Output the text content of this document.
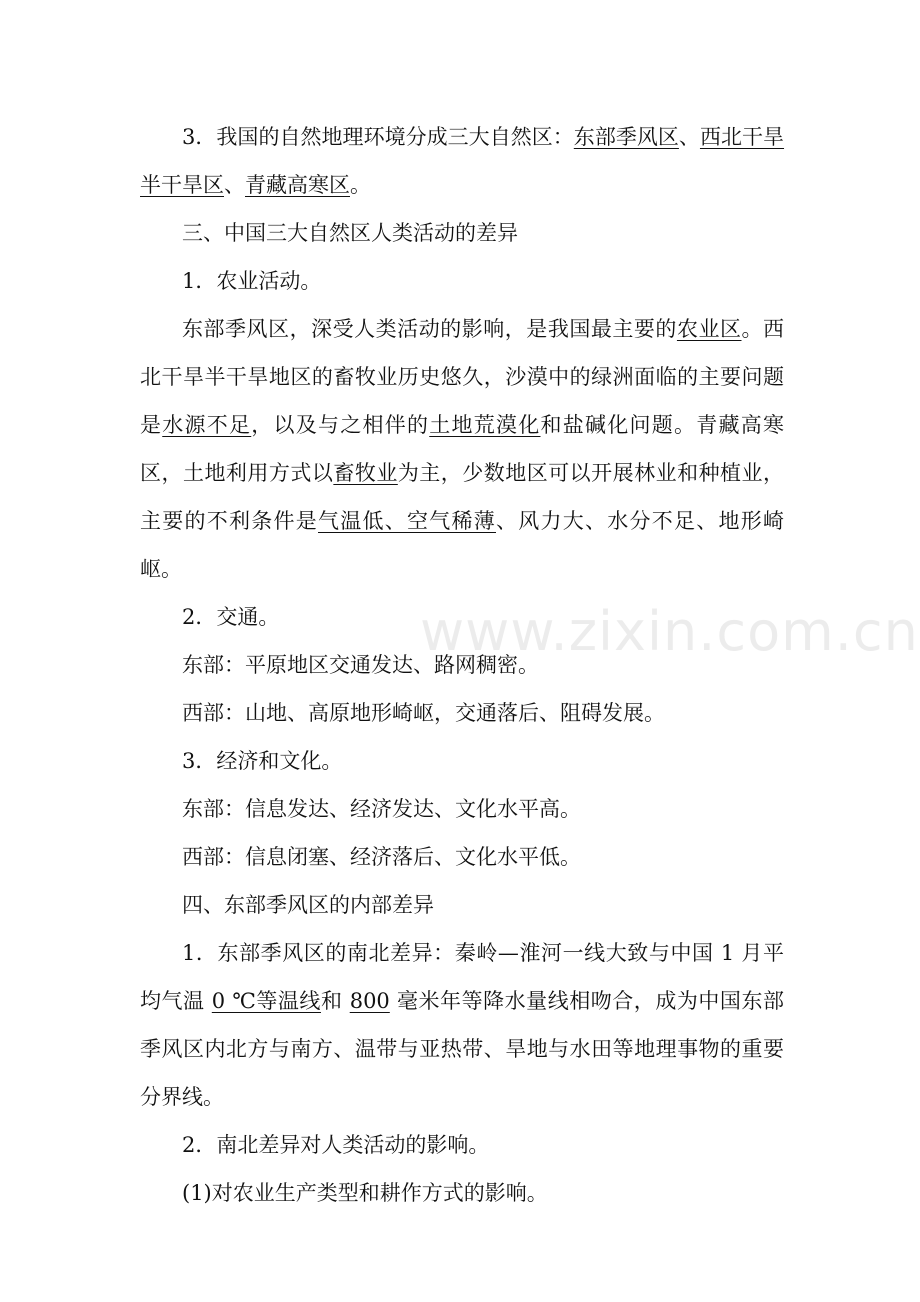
www.zixin.com.cn

3．我国的自然地理环境分成三大自然区：东部季风区、西北干旱半干旱区、青藏高寒区。

三、中国三大自然区人类活动的差异

1．农业活动。

东部季风区，深受人类活动的影响，是我国最主要的农业区。西北干旱半干旱地区的畜牧业历史悠久，沙漠中的绿洲面临的主要问题是水源不足，以及与之相伴的土地荒漠化和盐碱化问题。青藏高寒区，土地利用方式以畜牧业为主，少数地区可以开展林业和种植业，主要的不利条件是气温低、空气稀薄、风力大、水分不足、地形崎岖。

2．交通。

东部：平原地区交通发达、路网稠密。

西部：山地、高原地形崎岖，交通落后、阻碍发展。

3．经济和文化。

东部：信息发达、经济发达、文化水平高。

西部：信息闭塞、经济落后、文化水平低。

四、东部季风区的内部差异

1．东部季风区的南北差异：秦岭—淮河一线大致与中国 1 月平均气温 0 ℃等温线和 800 毫米年等降水量线相吻合，成为中国东部季风区内北方与南方、温带与亚热带、旱地与水田等地理事物的重要分界线。

2．南北差异对人类活动的影响。

(1)对农业生产类型和耕作方式的影响。
